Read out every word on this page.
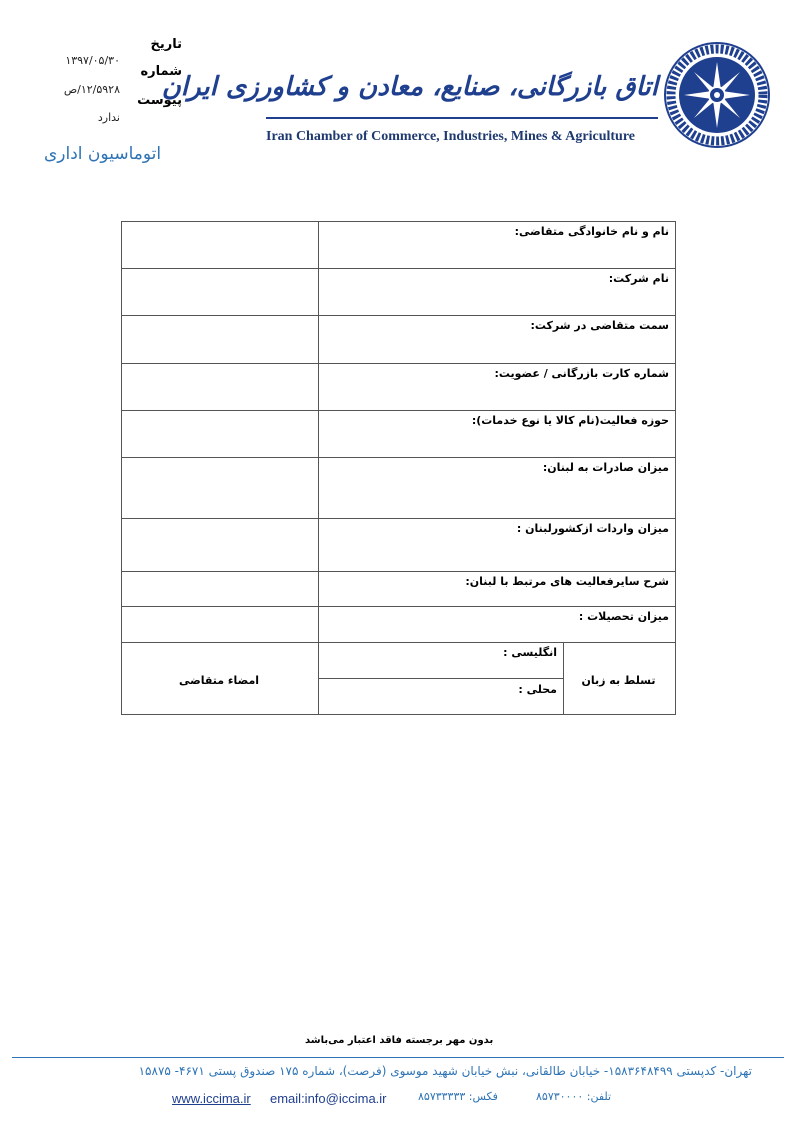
تاریخ
۱۳۹۷/۰۵/۳۰
شماره
۱۲/۵۹۲۸/ص
پیوست
ندارد
اتوماسیون اداری
اتاق بازرگانی، صنایع، معادن و کشاورزی ایران
Iran Chamber of Commerce, Industries, Mines & Agriculture
	نام و نام خانوادگی متقاضی:	
	نام شرکت:	
	سمت متقاضی در شرکت:	
	شماره کارت بازرگانی / عضویت:	
	حوزه فعالیت(نام کالا یا نوع خدمات):	
	میزان صادرات به لبنان:	
	میزان واردات ازکشورلبنان :	
	شرح سایرفعالیت های مرتبط با لبنان:	
	میزان تحصیلات :	
امضاء متقاضی	انگلیسی :	تسلط به زبان
	محلی :	
بدون مهر برجسته فاقد اعتبار می‌باشد
تهران- کدپستی ۱۵۸۳۶۴۸۴۹۹- خیابان طالقانی، نبش خیابان شهید موسوی (فرصت)، شماره ۱۷۵ صندوق پستی ۴۶۷۱- ۱۵۸۷۵
تلفن: ۸۵۷۳۰۰۰۰
فکس: ۸۵۷۳۳۳۳۳
email:info@iccima.ir
www.iccima.ir
